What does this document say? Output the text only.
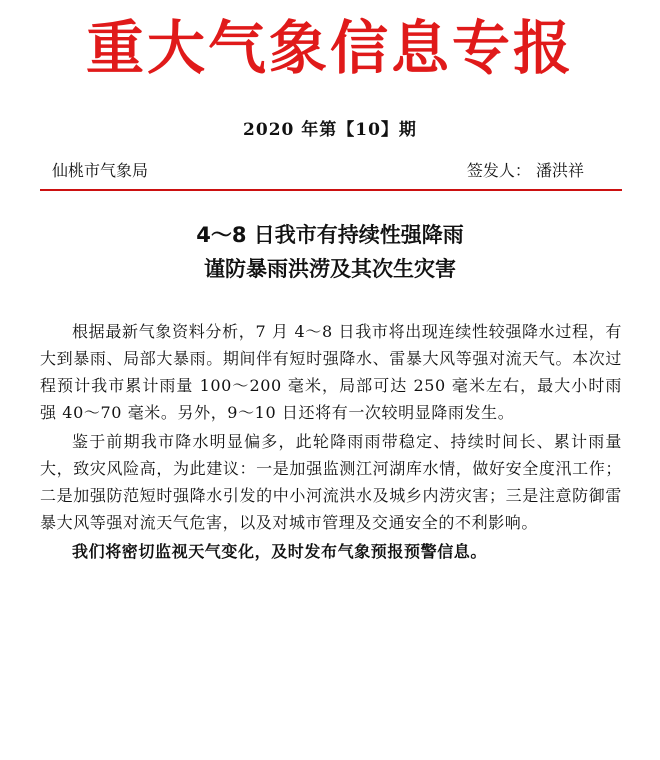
重大气象信息专报
2020 年第【10】期
仙桃市气象局	签发人： 潘洪祥
4～8 日我市有持续性强降雨
谨防暴雨洪涝及其次生灾害

根据最新气象资料分析，7 月 4～8 日我市将出现连续性较强降水过程，有大到暴雨、局部大暴雨。期间伴有短时强降水、雷暴大风等强对流天气。本次过程预计我市累计雨量 100～200 毫米，局部可达 250 毫米左右，最大小时雨强 40～70 毫米。另外，9～10 日还将有一次较明显降雨发生。

鉴于前期我市降水明显偏多，此轮降雨雨带稳定、持续时间长、累计雨量大，致灾风险高，为此建议：一是加强监测江河湖库水情，做好安全度汛工作；二是加强防范短时强降水引发的中小河流洪水及城乡内涝灾害；三是注意防御雷暴大风等强对流天气危害，以及对城市管理及交通安全的不利影响。

我们将密切监视天气变化，及时发布气象预报预警信息。
